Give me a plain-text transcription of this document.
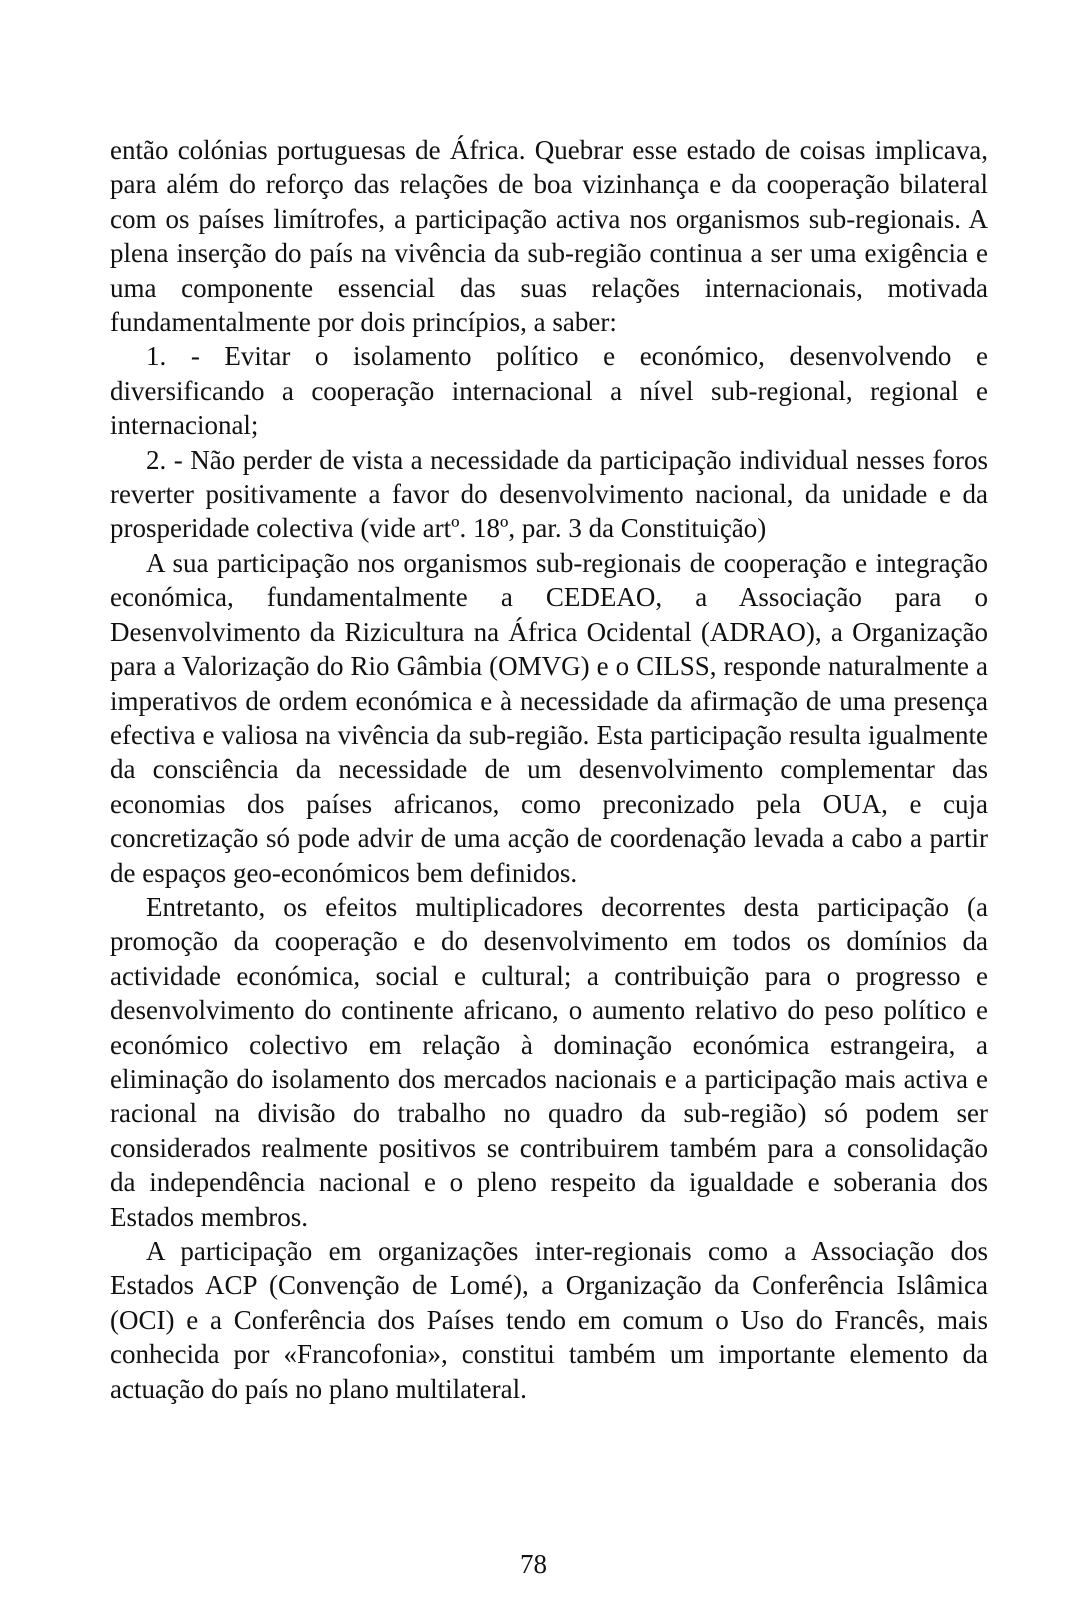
então colónias portuguesas de África. Quebrar esse estado de coisas implicava, para além do reforço das relações de boa vizinhança e da cooperação bilateral com os países limítrofes, a participação activa nos organismos sub-regionais. A plena inserção do país na vivência da sub-região continua a ser uma exigência e uma componente essencial das suas relações internacionais, motivada fundamentalmente por dois princípios, a saber:

1. - Evitar o isolamento político e económico, desenvolvendo e diversificando a cooperação internacional a nível sub-regional, regional e internacional;

2. - Não perder de vista a necessidade da participação individual nesses foros reverter positivamente a favor do desenvolvimento nacional, da unidade e da prosperidade colectiva (vide artº. 18º, par. 3 da Constituição)

A sua participação nos organismos sub-regionais de cooperação e integração económica, fundamentalmente a CEDEAO, a Associação para o Desenvolvimento da Rizicultura na África Ocidental (ADRAO), a Organização para a Valorização do Rio Gâmbia (OMVG) e o CILSS, responde naturalmente a imperativos de ordem económica e à necessidade da afirmação de uma presença efectiva e valiosa na vivência da sub-região. Esta participação resulta igualmente da consciência da necessidade de um desenvolvimento complementar das economias dos países africanos, como preconizado pela OUA, e cuja concretização só pode advir de uma acção de coordenação levada a cabo a partir de espaços geo-económicos bem definidos.

Entretanto, os efeitos multiplicadores decorrentes desta participação (a promoção da cooperação e do desenvolvimento em todos os domínios da actividade económica, social e cultural; a contribuição para o progresso e desenvolvimento do continente africano, o aumento relativo do peso político e económico colectivo em relação à dominação económica estrangeira, a eliminação do isolamento dos mercados nacionais e a participação mais activa e racional na divisão do trabalho no quadro da sub-região) só podem ser considerados realmente positivos se contribuirem também para a consolidação da independência nacional e o pleno respeito da igualdade e soberania dos Estados membros.

A participação em organizações inter-regionais como a Associação dos Estados ACP (Convenção de Lomé), a Organização da Conferência Islâmica (OCI) e a Conferência dos Países tendo em comum o Uso do Francês, mais conhecida por «Francofonia», constitui também um importante elemento da actuação do país no plano multilateral.

78
